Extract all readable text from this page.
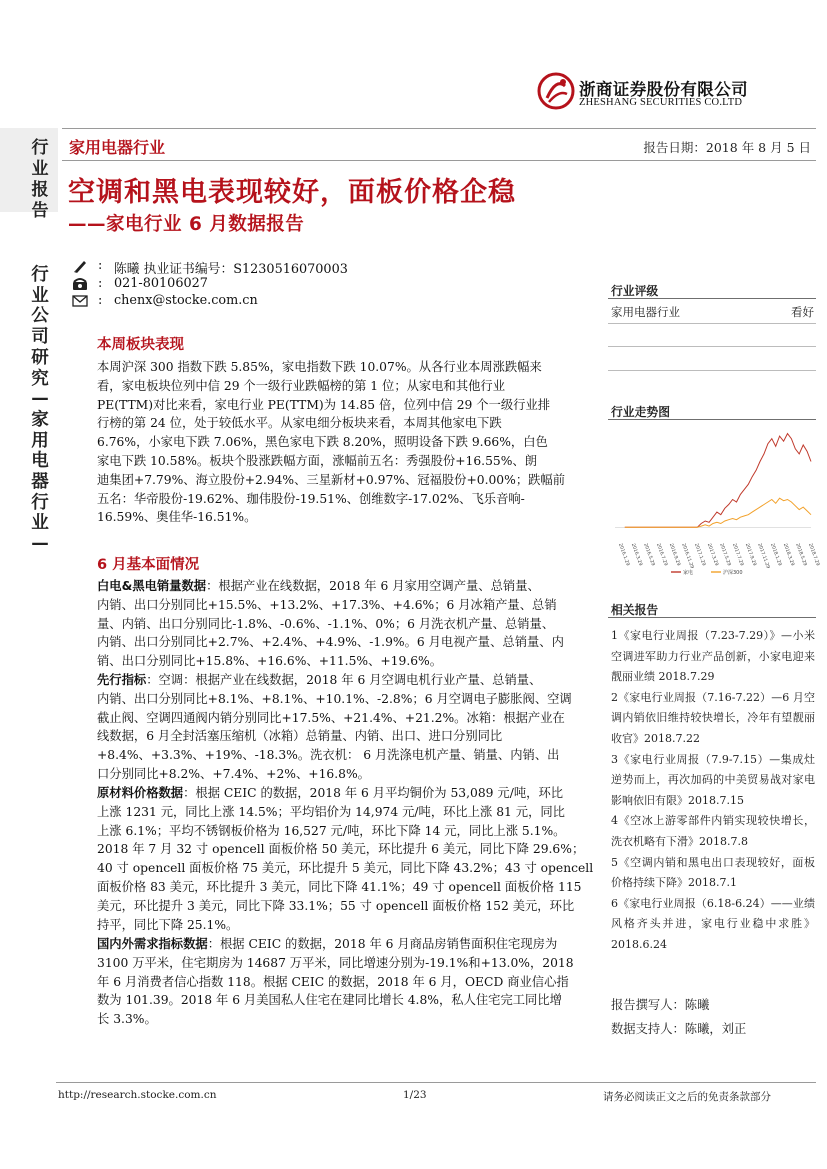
浙商证券股份有限公司
ZHESHANG SECURITIES CO.LTD
行业报告
家用电器行业	报告日期：2018 年 8 月 5 日
空调和黑电表现较好，面板价格企稳
——家电行业 6 月数据报告
行业公司研究—家用电器行业—
: 陈曦 执业证书编号：S1230516070003
: 021-80106027
: chenx@stocke.com.cn
行业评级
家用电器行业	看好
行业走势图
2016.1.29 2016.3.29 2016.5.29 2016.7.29 2016.9.29 2016.11.29 2017.1.29 2017.3.29 2017.5.29 2017.7.29 2017.9.29 2017.11.29 2018.1.29 2018.3.29 2018.5.29 2018.7.29
家电	沪深300
相关报告
1《家电行业周报（7.23-7.29）》—小米空调进军助力行业产品创新，小家电迎来靓丽业绩 2018.7.29
2《家电行业周报（7.16-7.22）—6 月空调内销依旧维持较快增长，冷年有望靓丽收官》2018.7.22
3《家电行业周报（7.9-7.15）—集成灶逆势而上，再次加码的中美贸易战对家电影响依旧有限》2018.7.15
4《空冰上游零部件内销实现较快增长，洗衣机略有下滑》2018.7.8
5《空调内销和黑电出口表现较好，面板价格持续下降》2018.7.1
6《家电行业周报（6.18-6.24）——业绩风格齐头并进，家电行业稳中求胜》2018.6.24
报告撰写人：陈曦
数据支持人：陈曦，刘正
本周板块表现
本周沪深 300 指数下跌 5.85%，家电指数下跌 10.07%。从各行业本周涨跌幅来
看，家电板块位列中信 29 个一级行业跌幅榜的第 1 位；从家电和其他行业
PE(TTM)对比来看，家电行业 PE(TTM)为 14.85 倍，位列中信 29 个一级行业排
行榜的第 24 位，处于较低水平。从家电细分板块来看，本周其他家电下跌
6.76%，小家电下跌 7.06%，黑色家电下跌 8.20%，照明设备下跌 9.66%，白色
家电下跌 10.58%。板块个股涨跌幅方面，涨幅前五名：秀强股份+16.55%、朗
迪集团+7.79%、海立股份+2.94%、三星新材+0.97%、冠福股份+0.00%；跌幅前
五名：华帝股份-19.62%、珈伟股份-19.51%、创维数字-17.02%、飞乐音响-
16.59%、奥佳华-16.51%。
6 月基本面情况
白电&黑电销量数据：根据产业在线数据，2018 年 6 月家用空调产量、总销量、
内销、出口分别同比+15.5%、+13.2%、+17.3%、+4.6%；6 月冰箱产量、总销
量、内销、出口分别同比-1.8%、-0.6%、-1.1%、0%；6 月洗衣机产量、总销量、
内销、出口分别同比+2.7%、+2.4%、+4.9%、-1.9%。6 月电视产量、总销量、内
销、出口分别同比+15.8%、+16.6%、+11.5%、+19.6%。
先行指标：空调：根据产业在线数据，2018 年 6 月空调电机行业产量、总销量、
内销、出口分别同比+8.1%、+8.1%、+10.1%、-2.8%；6 月空调电子膨胀阀、空调
截止阀、空调四通阀内销分别同比+17.5%、+21.4%、+21.2%。冰箱：根据产业在
线数据，6 月全封活塞压缩机（冰箱）总销量、内销、出口、进口分别同比
+8.4%、+3.3%、+19%、-18.3%。洗衣机： 6 月洗涤电机产量、销量、内销、出
口分别同比+8.2%、+7.4%、+2%、+16.8%。
原材料价格数据：根据 CEIC 的数据，2018 年 6 月平均铜价为 53,089 元/吨，环比
上涨 1231 元，同比上涨 14.5%；平均铝价为 14,974 元/吨，环比上涨 81 元，同比
上涨 6.1%；平均不锈钢板价格为 16,527 元/吨，环比下降 14 元，同比上涨 5.1%。
2018 年 7 月 32 寸 opencell 面板价格 50 美元，环比提升 6 美元，同比下降 29.6%；
40 寸 opencell 面板价格 75 美元，环比提升 5 美元，同比下降 43.2%；43 寸 opencell
面板价格 83 美元，环比提升 3 美元，同比下降 41.1%；49 寸 opencell 面板价格 115
美元，环比提升 3 美元，同比下降 33.1%；55 寸 opencell 面板价格 152 美元，环比
持平，同比下降 25.1%。
国内外需求指标数据：根据 CEIC 的数据，2018 年 6 月商品房销售面积住宅现房为
3100 万平米，住宅期房为 14687 万平米，同比增速分别为-19.1%和+13.0%，2018
年 6 月消费者信心指数 118。根据 CEIC 的数据，2018 年 6 月，OECD 商业信心指
数为 101.39。2018 年 6 月美国私人住宅在建同比增长 4.8%，私人住宅完工同比增
长 3.3%。
http://research.stocke.com.cn	1/23	请务必阅读正文之后的免责条款部分
